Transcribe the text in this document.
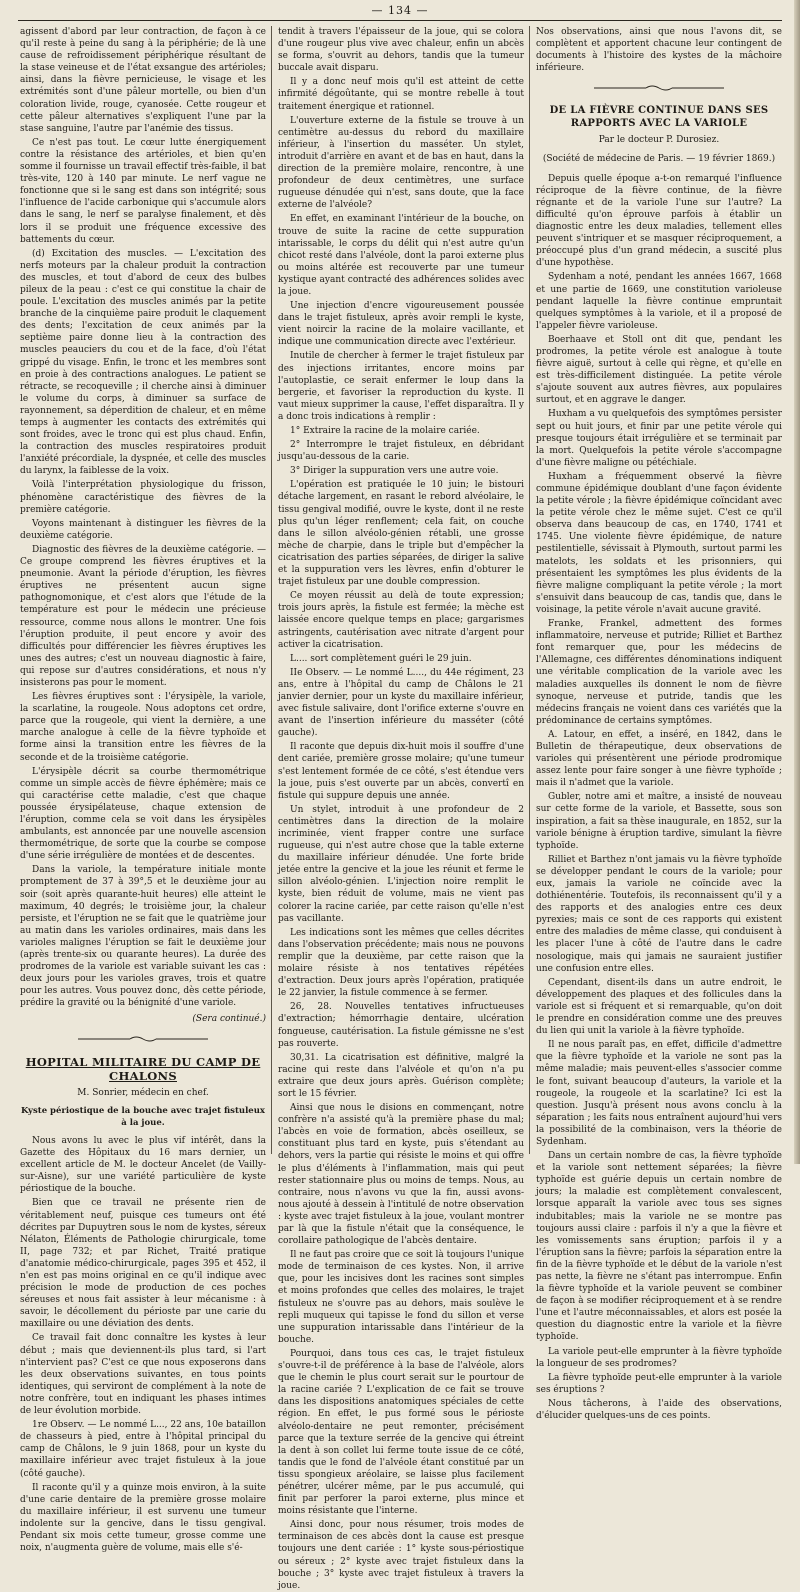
— 134 —

agissent d'abord par leur contraction, de façon à ce qu'il reste à peine du sang à la périphérie; de là une cause de refroidissement périphérique résultant de la stase veineuse et de l'état exsangue des artérioles; ainsi, dans la fièvre pernicieuse, le visage et les extrémités sont d'une pâleur mortelle, ou bien d'un coloration livide, rouge, cyanosée. Cette rougeur et cette pâleur alternatives s'expliquent l'une par la stase sanguine, l'autre par l'anémie des tissus.

Ce n'est pas tout. Le cœur lutte énergiquement contre la résistance des artérioles, et bien qu'en somme il fournisse un travail effectif très-faible, il bat très-vite, 120 à 140 par minute. Le nerf vague ne fonctionne que si le sang est dans son intégrité; sous l'influence de l'acide carbonique qui s'accumule alors dans le sang, le nerf se paralyse finalement, et dès lors il se produit une fréquence excessive des battements du cœur.

(d) Excitation des muscles. — L'excitation des nerfs moteurs par la chaleur produit la contraction des muscles, et tout d'abord de ceux des bulbes pileux de la peau : c'est ce qui constitue la chair de poule. L'excitation des muscles animés par la petite branche de la cinquième paire produit le claquement des dents; l'excitation de ceux animés par la septième paire donne lieu à la contraction des muscles peauciers du cou et de la face, d'où l'état grippé du visage. Enfin, le tronc et les membres sont en proie à des contractions analogues. Le patient se rétracte, se recoqueville ; il cherche ainsi à diminuer le volume du corps, à diminuer sa surface de rayonnement, sa déperdition de chaleur, et en même temps à augmenter les contacts des extrémités qui sont froides, avec le tronc qui est plus chaud. Enfin, la contraction des muscles respiratoires produit l'anxiété précordiale, la dyspnée, et celle des muscles du larynx, la faiblesse de la voix.

Voilà l'interprétation physiologique du frisson, phénomène caractéristique des fièvres de la première catégorie.

Voyons maintenant à distinguer les fièvres de la deuxième catégorie.

Diagnostic des fièvres de la deuxième catégorie. — Ce groupe comprend les fièvres éruptives et la pneumonie. Avant la période d'éruption, les fièvres éruptives ne présentent aucun signe pathognomonique, et c'est alors que l'étude de la température est pour le médecin une précieuse ressource, comme nous allons le montrer. Une fois l'éruption produite, il peut encore y avoir des difficultés pour différencier les fièvres éruptives les unes des autres; c'est un nouveau diagnostic à faire, qui repose sur d'autres considérations, et nous n'y insisterons pas pour le moment.

Les fièvres éruptives sont : l'érysipèle, la variole, la scarlatine, la rougeole. Nous adoptons cet ordre, parce que la rougeole, qui vient la dernière, a une marche analogue à celle de la fièvre typhoïde et forme ainsi la transition entre les fièvres de la seconde et de la troisième catégorie.

L'érysipèle décrit sa courbe thermométrique comme un simple accès de fièvre éphémère; mais ce qui caractérise cette maladie, c'est que chaque poussée érysipélateuse, chaque extension de l'éruption, comme cela se voit dans les érysipèles ambulants, est annoncée par une nouvelle ascension thermométrique, de sorte que la courbe se compose d'une série irrégulière de montées et de descentes.

Dans la variole, la température initiale monte promptement de 37 à 39°,5 et le deuxième jour au soir (soit après quarante-huit heures) elle atteint le maximum, 40 degrés; le troisième jour, la chaleur persiste, et l'éruption ne se fait que le quatrième jour au matin dans les varioles ordinaires, mais dans les varioles malignes l'éruption se fait le deuxième jour (après trente-six ou quarante heures). La durée des prodromes de la variole est variable suivant les cas : deux jours pour les varioles graves, trois et quatre pour les autres. Vous pouvez donc, dès cette période, prédire la gravité ou la bénignité d'une variole.

(Sera continué.)

HOPITAL MILITAIRE DU CAMP DE CHALONS

M. Sonrier, médecin en chef.

Kyste périostique de la bouche avec trajet fistuleux à la joue.

Nous avons lu avec le plus vif intérêt, dans la Gazette des Hôpitaux du 16 mars dernier, un excellent article de M. le docteur Ancelet (de Vailly-sur-Aisne), sur une variété particulière de kyste périostique de la bouche.

Bien que ce travail ne présente rien de véritablement neuf, puisque ces tumeurs ont été décrites par Dupuytren sous le nom de kystes, séreux Nélaton, Éléments de Pathologie chirurgicale, tome II, page 732; et par Richet, Traité pratique d'anatomie médico-chirurgicale, pages 395 et 452, il n'en est pas moins original en ce qu'il indique avec précision le mode de production de ces poches séreuses et nous fait assister à leur mécanisme : à savoir, le décollement du périoste par une carie du maxillaire ou une déviation des dents.

Ce travail fait donc connaître les kystes à leur début ; mais que deviennent-ils plus tard, si l'art n'intervient pas? C'est ce que nous exposerons dans les deux observations suivantes, en tous points identiques, qui serviront de complément à la note de notre confrère, tout en indiquant les phases intimes de leur évolution morbide.

1re Observ. — Le nommé L..., 22 ans, 10e bataillon de chasseurs à pied, entre à l'hôpital principal du camp de Châlons, le 9 juin 1868, pour un kyste du maxillaire inférieur avec trajet fistuleux à la joue (côté gauche).

Il raconte qu'il y a quinze mois environ, à la suite d'une carie dentaire de la première grosse molaire du maxillaire inférieur, il est survenu une tumeur indolente sur la gencive, dans le tissu gengival. Pendant six mois cette tumeur, grosse comme une noix, n'augmenta guère de volume, mais elle s'é-

tendit à travers l'épaisseur de la joue, qui se colora d'une rougeur plus vive avec chaleur, enfin un abcès se forma, s'ouvrit au dehors, tandis que la tumeur buccale avait disparu.

Il y a donc neuf mois qu'il est atteint de cette infirmité dégoûtante, qui se montre rebelle à tout traitement énergique et rationnel.

L'ouverture externe de la fistule se trouve à un centimètre au-dessus du rebord du maxillaire inférieur, à l'insertion du masséter. Un stylet, introduit d'arrière en avant et de bas en haut, dans la direction de la première molaire, rencontre, à une profondeur de deux centimètres, une surface rugueuse dénudée qui n'est, sans doute, que la face externe de l'alvéole?

En effet, en examinant l'intérieur de la bouche, on trouve de suite la racine de cette suppuration intarissable, le corps du délit qui n'est autre qu'un chicot resté dans l'alvéole, dont la paroi externe plus ou moins altérée est recouverte par une tumeur kystique ayant contracté des adhérences solides avec la joue.

Une injection d'encre vigoureusement poussée dans le trajet fistuleux, après avoir rempli le kyste, vient noircir la racine de la molaire vacillante, et indique une communication directe avec l'extérieur.

Inutile de chercher à fermer le trajet fistuleux par des injections irritantes, encore moins par l'autoplastie, ce serait enfermer le loup dans la bergerie, et favoriser la reproduction du kyste. Il vaut mieux supprimer la cause, l'effet disparaîtra. Il y a donc trois indications à remplir :

1° Extraire la racine de la molaire cariée.

2° Interrompre le trajet fistuleux, en débridant jusqu'au-dessous de la carie.

3° Diriger la suppuration vers une autre voie.

L'opération est pratiquée le 10 juin; le bistouri détache largement, en rasant le rebord alvéolaire, le tissu gengival modifié, ouvre le kyste, dont il ne reste plus qu'un léger renflement; cela fait, on couche dans le sillon alvéolo-génien rétabli, une grosse mèche de charpie, dans le triple but d'empêcher la cicatrisation des parties séparées, de diriger la salive et la suppuration vers les lèvres, enfin d'obturer le trajet fistuleux par une double compression.

Ce moyen réussit au delà de toute expression; trois jours après, la fistule est fermée; la mèche est laissée encore quelque temps en place; gargarismes astringents, cautérisation avec nitrate d'argent pour activer la cicatrisation.

L.... sort complètement guéri le 29 juin.

IIe Observ. — Le nommé L...., du 44e régiment, 23 ans, entre à l'hôpital du camp de Châlons le 21 janvier dernier, pour un kyste du maxillaire inférieur, avec fistule salivaire, dont l'orifice externe s'ouvre en avant de l'insertion inférieure du masséter (côté gauche).

Il raconte que depuis dix-huit mois il souffre d'une dent cariée, première grosse molaire; qu'une tumeur s'est lentement formée de ce côté, s'est étendue vers la joue, puis s'est ouverte par un abcès, convertî en fistule qui suppure depuis une année.

Un stylet, introduit à une profondeur de 2 centimètres dans la direction de la molaire incriminée, vient frapper contre une surface rugueuse, qui n'est autre chose que la table externe du maxillaire inférieur dénudée. Une forte bride jetée entre la gencive et la joue les réunit et ferme le sillon alvéolo-génien. L'injection noire remplit le kyste, bien réduit de volume, mais ne vient pas colorer la racine cariée, par cette raison qu'elle n'est pas vacillante.

Les indications sont les mêmes que celles décrites dans l'observation précédente; mais nous ne pouvons remplir que la deuxième, par cette raison que la molaire résiste à nos tentatives répétées d'extraction. Deux jours après l'opération, pratiquée le 22 janvier, la fistule commence à se fermer.

26, 28. Nouvelles tentatives infructueuses d'extraction; hémorrhagie dentaire, ulcération fongueuse, cautérisation. La fistule gémissne ne s'est pas rouverte.

30,31. La cicatrisation est définitive, malgré la racine qui reste dans l'alvéole et qu'on n'a pu extraire que deux jours après. Guérison complète; sort le 15 février.

Ainsi que nous le disions en commençant, notre confrère n'a assisté qu'à la première phase du mal; l'abcès en voie de formation, abcès oseilleux, se constituant plus tard en kyste, puis s'étendant au dehors, vers la partie qui résiste le moins et qui offre le plus d'éléments à l'inflammation, mais qui peut rester stationnaire plus ou moins de temps. Nous, au contraire, nous n'avons vu que la fin, aussi avons-nous ajouté à dessein à l'intitulé de notre observation : kyste avec trajet fistuleux à la joue, voulant montrer par là que la fistule n'était que la conséquence, le corollaire pathologique de l'abcès dentaire.

Il ne faut pas croire que ce soit là toujours l'unique mode de terminaison de ces kystes. Non, il arrive que, pour les incisives dont les racines sont simples et moins profondes que celles des molaires, le trajet fistuleux ne s'ouvre pas au dehors, mais soulève le repli muqueux qui tapisse le fond du sillon et verse une suppuration intarissable dans l'intérieur de la bouche.

Pourquoi, dans tous ces cas, le trajet fistuleux s'ouvre-t-il de préférence à la base de l'alvéole, alors que le chemin le plus court serait sur le pourtour de la racine cariée ? L'explication de ce fait se trouve dans les dispositions anatomiques spéciales de cette région. En effet, le pus formé sous le périoste alvéolo-dentaire ne peut remonter, précisément parce que la texture serrée de la gencive qui étreint la dent à son collet lui ferme toute issue de ce côté, tandis que le fond de l'alvéole étant constitué par un tissu spongieux aréolaire, se laisse plus facilement pénétrer, ulcérer même, par le pus accumulé, qui finit par perforer la paroi externe, plus mince et moins résistante que l'interne.

Ainsi donc, pour nous résumer, trois modes de terminaison de ces abcès dont la cause est presque toujours une dent cariée : 1° kyste sous-périostique ou séreux ; 2° kyste avec trajet fistuleux dans la bouche ; 3° kyste avec trajet fistuleux à travers la joue.

Nos observations, ainsi que nous l'avons dit, se complètent et apportent chacune leur contingent de documents à l'histoire des kystes de la mâchoire inférieure.

DE LA FIÈVRE CONTINUE DANS SES RAPPORTS AVEC LA VARIOLE

Par le docteur P. Durosiez.

(Société de médecine de Paris. — 19 février 1869.)

Depuis quelle époque a-t-on remarqué l'influence réciproque de la fièvre continue, de la fièvre régnante et de la variole l'une sur l'autre? La difficulté qu'on éprouve parfois à établir un diagnostic entre les deux maladies, tellement elles peuvent s'intriquer et se masquer réciproquement, a préoccupé plus d'un grand médecin, a suscité plus d'une hypothèse.

Sydenham a noté, pendant les années 1667, 1668 et une partie de 1669, une constitution varioleuse pendant laquelle la fièvre continue empruntait quelques symptômes à la variole, et il a proposé de l'appeler fièvre varioleuse.

Boerhaave et Stoll ont dit que, pendant les prodromes, la petite vérole est analogue à toute fièvre aiguë, surtout à celle qui règne, et qu'elle en est très-difficilement distinguée. La petite vérole s'ajoute souvent aux autres fièvres, aux populaires surtout, et en aggrave le danger.

Huxham a vu quelquefois des symptômes persister sept ou huit jours, et finir par une petite vérole qui presque toujours était irrégulière et se terminait par la mort. Quelquefois la petite vérole s'accompagne d'une fièvre maligne ou pétéchiale.

Huxham a fréquemment observé la fièvre commune épidémique doublant d'une façon évidente la petite vérole ; la fièvre épidémique coïncidant avec la petite vérole chez le même sujet. C'est ce qu'il observa dans beaucoup de cas, en 1740, 1741 et 1745. Une violente fièvre épidémique, de nature pestilentielle, sévissait à Plymouth, surtout parmi les matelots, les soldats et les prisonniers, qui présentaient les symptômes les plus évidents de la fièvre maligne compliquant la petite vérole ; la mort s'ensuivit dans beaucoup de cas, tandis que, dans le voisinage, la petite vérole n'avait aucune gravité.

Franke, Frankel, admettent des formes inflammatoire, nerveuse et putride; Rilliet et Barthez font remarquer que, pour les médecins de l'Allemagne, ces différentes dénominations indiquent une véritable complication de la variole avec les maladies auxquelles ils donnent le nom de fièvre synoque, nerveuse et putride, tandis que les médecins français ne voient dans ces variétés que la prédominance de certains symptômes.

A. Latour, en effet, a inséré, en 1842, dans le Bulletin de thérapeutique, deux observations de varioles qui présentèrent une période prodromique assez lente pour faire songer à une fièvre typhoïde ; mais il n'admet que la variole.

Gubler, notre ami et maître, a insisté de nouveau sur cette forme de la variole, et Bassette, sous son inspiration, a fait sa thèse inaugurale, en 1852, sur la variole bénigne à éruption tardive, simulant la fièvre typhoïde.

Rilliet et Barthez n'ont jamais vu la fièvre typhoïde se développer pendant le cours de la variole; pour eux, jamais la variole ne coïncide avec la dothiénentérie. Toutefois, ils reconnaissent qu'il y a des rapports et des analogies entre ces deux pyrexies; mais ce sont de ces rapports qui existent entre des maladies de même classe, qui conduisent à les placer l'une à côté de l'autre dans le cadre nosologique, mais qui jamais ne sauraient justifier une confusion entre elles.

Cependant, disent-ils dans un autre endroit, le développement des plaques et des follicules dans la variole est si fréquent et si remarquable, qu'on doit le prendre en considération comme une des preuves du lien qui unit la variole à la fièvre typhoïde.

Il ne nous paraît pas, en effet, difficile d'admettre que la fièvre typhoïde et la variole ne sont pas la même maladie; mais peuvent-elles s'associer comme le font, suivant beaucoup d'auteurs, la variole et la rougeole, la rougeole et la scarlatine? Ici est la question. Jusqu'à présent nous avons conclu à la séparation ; les faits nous entraînent aujourd'hui vers la possibilité de la combinaison, vers la théorie de Sydenham.

Dans un certain nombre de cas, la fièvre typhoïde et la variole sont nettement séparées; la fièvre typhoïde est guérie depuis un certain nombre de jours; la maladie est complètement convalescent, lorsque apparaît la variole avec tous ses signes indubitables; mais la variole ne se montre pas toujours aussi claire : parfois il n'y a que la fièvre et les vomissements sans éruption; parfois il y a l'éruption sans la fièvre; parfois la séparation entre la fin de la fièvre typhoïde et le début de la variole n'est pas nette, la fièvre ne s'étant pas interrompue. Enfin la fièvre typhoïde et la variole peuvent se combiner de façon à se modifier réciproquement et à se rendre l'une et l'autre méconnaissables, et alors est posée la question du diagnostic entre la variole et la fièvre typhoïde.

La variole peut-elle emprunter à la fièvre typhoïde la longueur de ses prodromes?

La fièvre typhoïde peut-elle emprunter à la variole ses éruptions ?

Nous tâcherons, à l'aide des observations, d'élucider quelques-uns de ces points.
